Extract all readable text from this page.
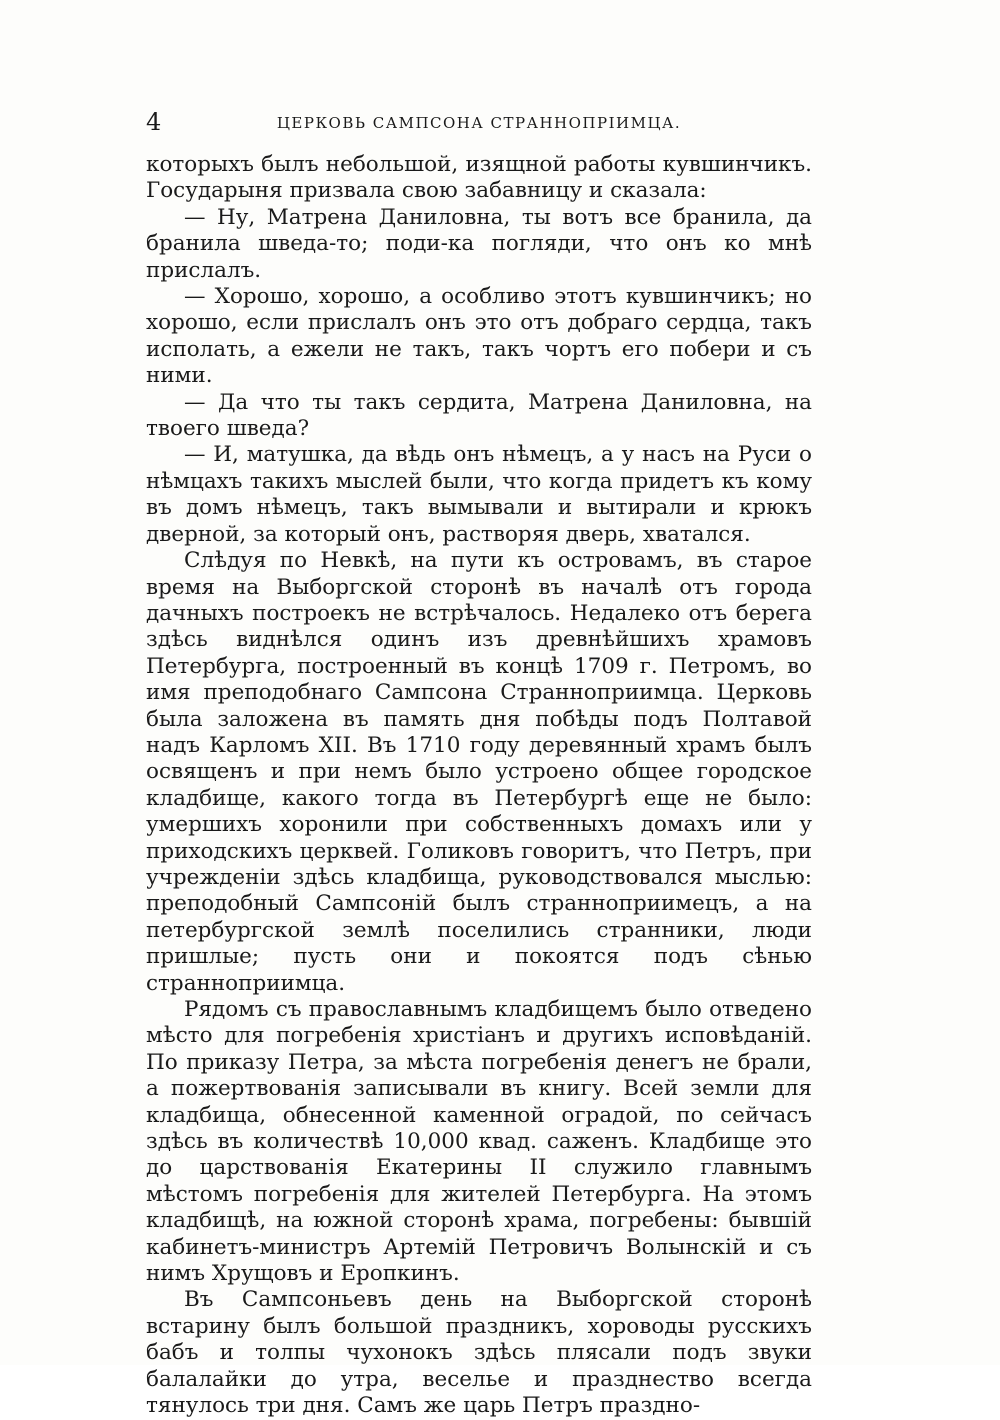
4	ЦЕРКОВЬ САМПСОНА СТРАННОПРІИМЦА.

которыхъ былъ небольшой, изящной работы кувшинчикъ. Государыня призвала свою забавницу и сказала:

— Ну, Матрена Даниловна, ты вотъ все бранила, да бранила шведа-то; поди-ка погляди, что онъ ко мнѣ прислалъ.

— Хорошо, хорошо, а особливо этотъ кувшинчикъ; но хорошо, если прислалъ онъ это отъ добраго сердца, такъ исполать, а ежели не такъ, такъ чортъ его побери и съ ними.

— Да что ты такъ сердита, Матрена Даниловна, на твоего шведа?

— И, матушка, да вѣдь онъ нѣмецъ, а у насъ на Руси о нѣмцахъ такихъ мыслей были, что когда придетъ къ кому въ домъ нѣмецъ, такъ вымывали и вытирали и крюкъ дверной, за который онъ, растворяя дверь, хватался.

Слѣдуя по Невкѣ, на пути къ островамъ, въ старое время на Выборгской сторонѣ въ началѣ отъ города дачныхъ построекъ не встрѣчалось. Недалеко отъ берега здѣсь виднѣлся одинъ изъ древнѣйшихъ храмовъ Петербурга, построенный въ концѣ 1709 г. Петромъ, во имя преподобнаго Сампсона Странноприимца. Церковь была заложена въ память дня побѣды подъ Полтавой надъ Карломъ XII. Въ 1710 году деревянный храмъ былъ освященъ и при немъ было устроено общее городское кладбище, какого тогда въ Петербургѣ еще не было: умершихъ хоронили при собственныхъ домахъ или у приходскихъ церквей. Голиковъ говоритъ, что Петръ, при учрежденіи здѣсь кладбища, руководствовался мыслью: преподобный Сампсоній былъ странноприимецъ, а на петербургской землѣ поселились странники, люди пришлые; пусть они и покоятся подъ сѣнью странноприимца.

Рядомъ съ православнымъ кладбищемъ было отведено мѣсто для погребенія христіанъ и другихъ исповѣданій. По приказу Петра, за мѣста погребенія денегъ не брали, а пожертвованія записывали въ книгу. Всей земли для кладбища, обнесенной каменной оградой, по сейчасъ здѣсь въ количествѣ 10,000 квад. саженъ. Кладбище это до царствованія Екатерины II служило главнымъ мѣстомъ погребенія для жителей Петербурга. На этомъ кладбищѣ, на южной сторонѣ храма, погребены: бывшій кабинетъ-министръ Артемій Петровичъ Волынскій и съ нимъ Хрущовъ и Еропкинъ.

Въ Сампсоньевъ день на Выборгской сторонѣ встарину былъ большой праздникъ, хороводы русскихъ бабъ и толпы чухонокъ здѣсь плясали подъ звуки балалайки до утра, веселье и празднество всегда тянулось три дня. Самъ же царь Петръ праздно-
